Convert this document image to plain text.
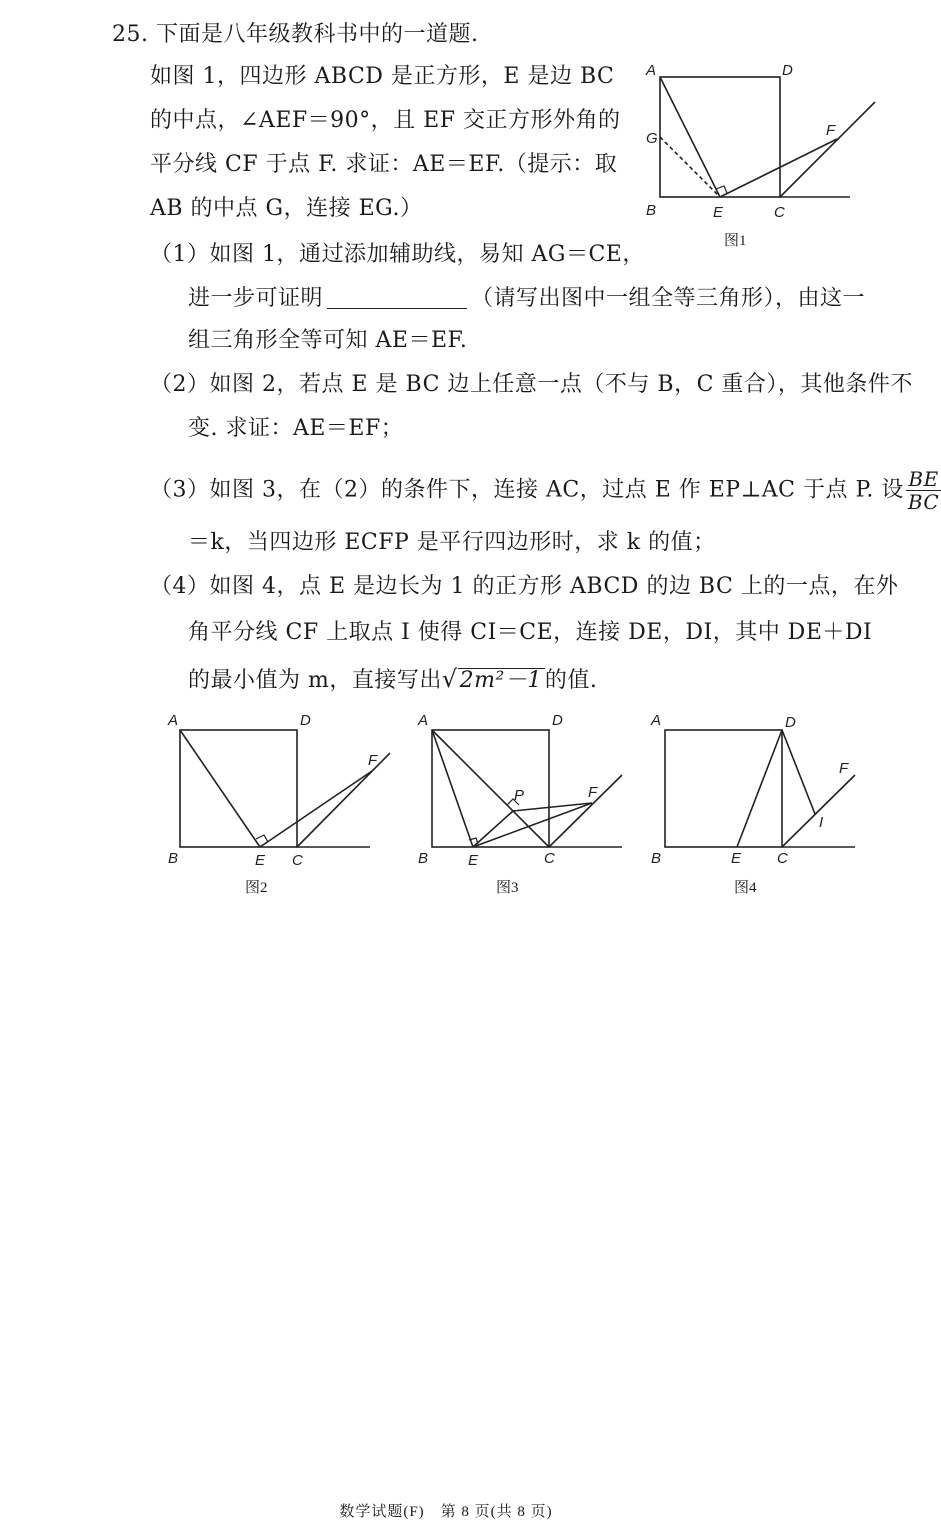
25. 下面是八年级教科书中的一道题.
如图 1，四边形 ABCD 是正方形，E 是边 BC
的中点，∠AEF＝90°，且 EF 交正方形外角的
平分线 CF 于点 F. 求证：AE＝EF.（提示：取
AB 的中点 G，连接 EG.）
A	D
G	F
B	E	C
图1
（1）如图 1，通过添加辅助线，易知 AG＝CE，
进一步可证明	（请写出图中一组全等三角形），由这一
组三角形全等可知 AE＝EF.
（2）如图 2，若点 E 是 BC 边上任意一点（不与 B，C 重合），其他条件不
变. 求证：AE＝EF；
（3）如图 3，在（2）的条件下，连接 AC，过点 E 作 EP⊥AC 于点 P. 设 $\frac{BE}{BC}$
＝k，当四边形 ECFP 是平行四边形时，求 k 的值；
（4）如图 4，点 E 是边长为 1 的正方形 ABCD 的边 BC 上的一点，在外
角平分线 CF 上取点 I 使得 CI＝CE，连接 DE，DI，其中 DE＋DI
的最小值为 m，直接写出√2m²－1 的值.
A	D
F
B	E C
图2
A	D
P	F
B	E	C
图3
A	D
F
I
B	E C
图4
数学试题(F)　第 8 页(共 8 页)
